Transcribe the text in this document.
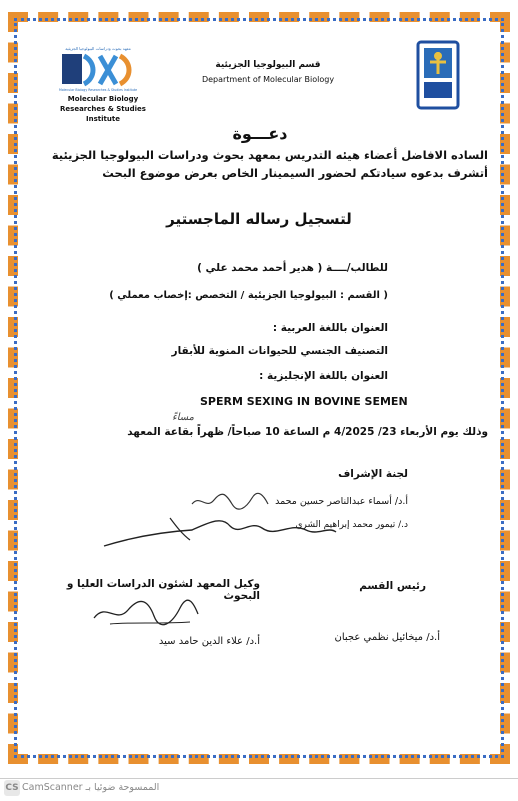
معهد بحوث ودراسات البيولوجيا الجزيئية
Molecular Biology Researches & Studies Institute
Molecular Biology Researches & Studies Institute
قسم البيولوجيا الجزيئية
Department of Molecular Biology
دعـــوة
الساده الافاضل أعضاء هيئه التدريس بمعهد بحوث ودراسات البيولوجيا الجزيئية
أتشرف بدعوه سيادتكم لحضور السيمينار الخاص بعرض موضوع البحث
لتسجيل رساله الماجستير
للطالب/ــــة ( هدير أحمد محمد علي )
( القسم : البيولوجيا الجزيئية / التخصص :إخصاب معملي )
العنوان باللغة العربية :
التصنيف الجنسي للحيوانات المنوية للأبقار
العنوان باللغة الإنجليزية :
SPERM SEXING IN BOVINE SEMEN
مساءً
وذلك يوم الأربعاء 23/ 4/2025 م الساعة 10 صباحاً/ ظهراً بقاعة المعهد
لجنة الإشراف
أ.د/ أسماء عبدالناصر حسين محمد
د./ تيمور محمد إبراهيم الشري
رئيس القسم
وكيل المعهد لشئون الدراسات العليا و البحوث
أ.د/ علاء الدين حامد سيد	أ.د/ ميخائيل نظمي عجبان
CS الممسوحة ضوئيا بـ CamScanner
